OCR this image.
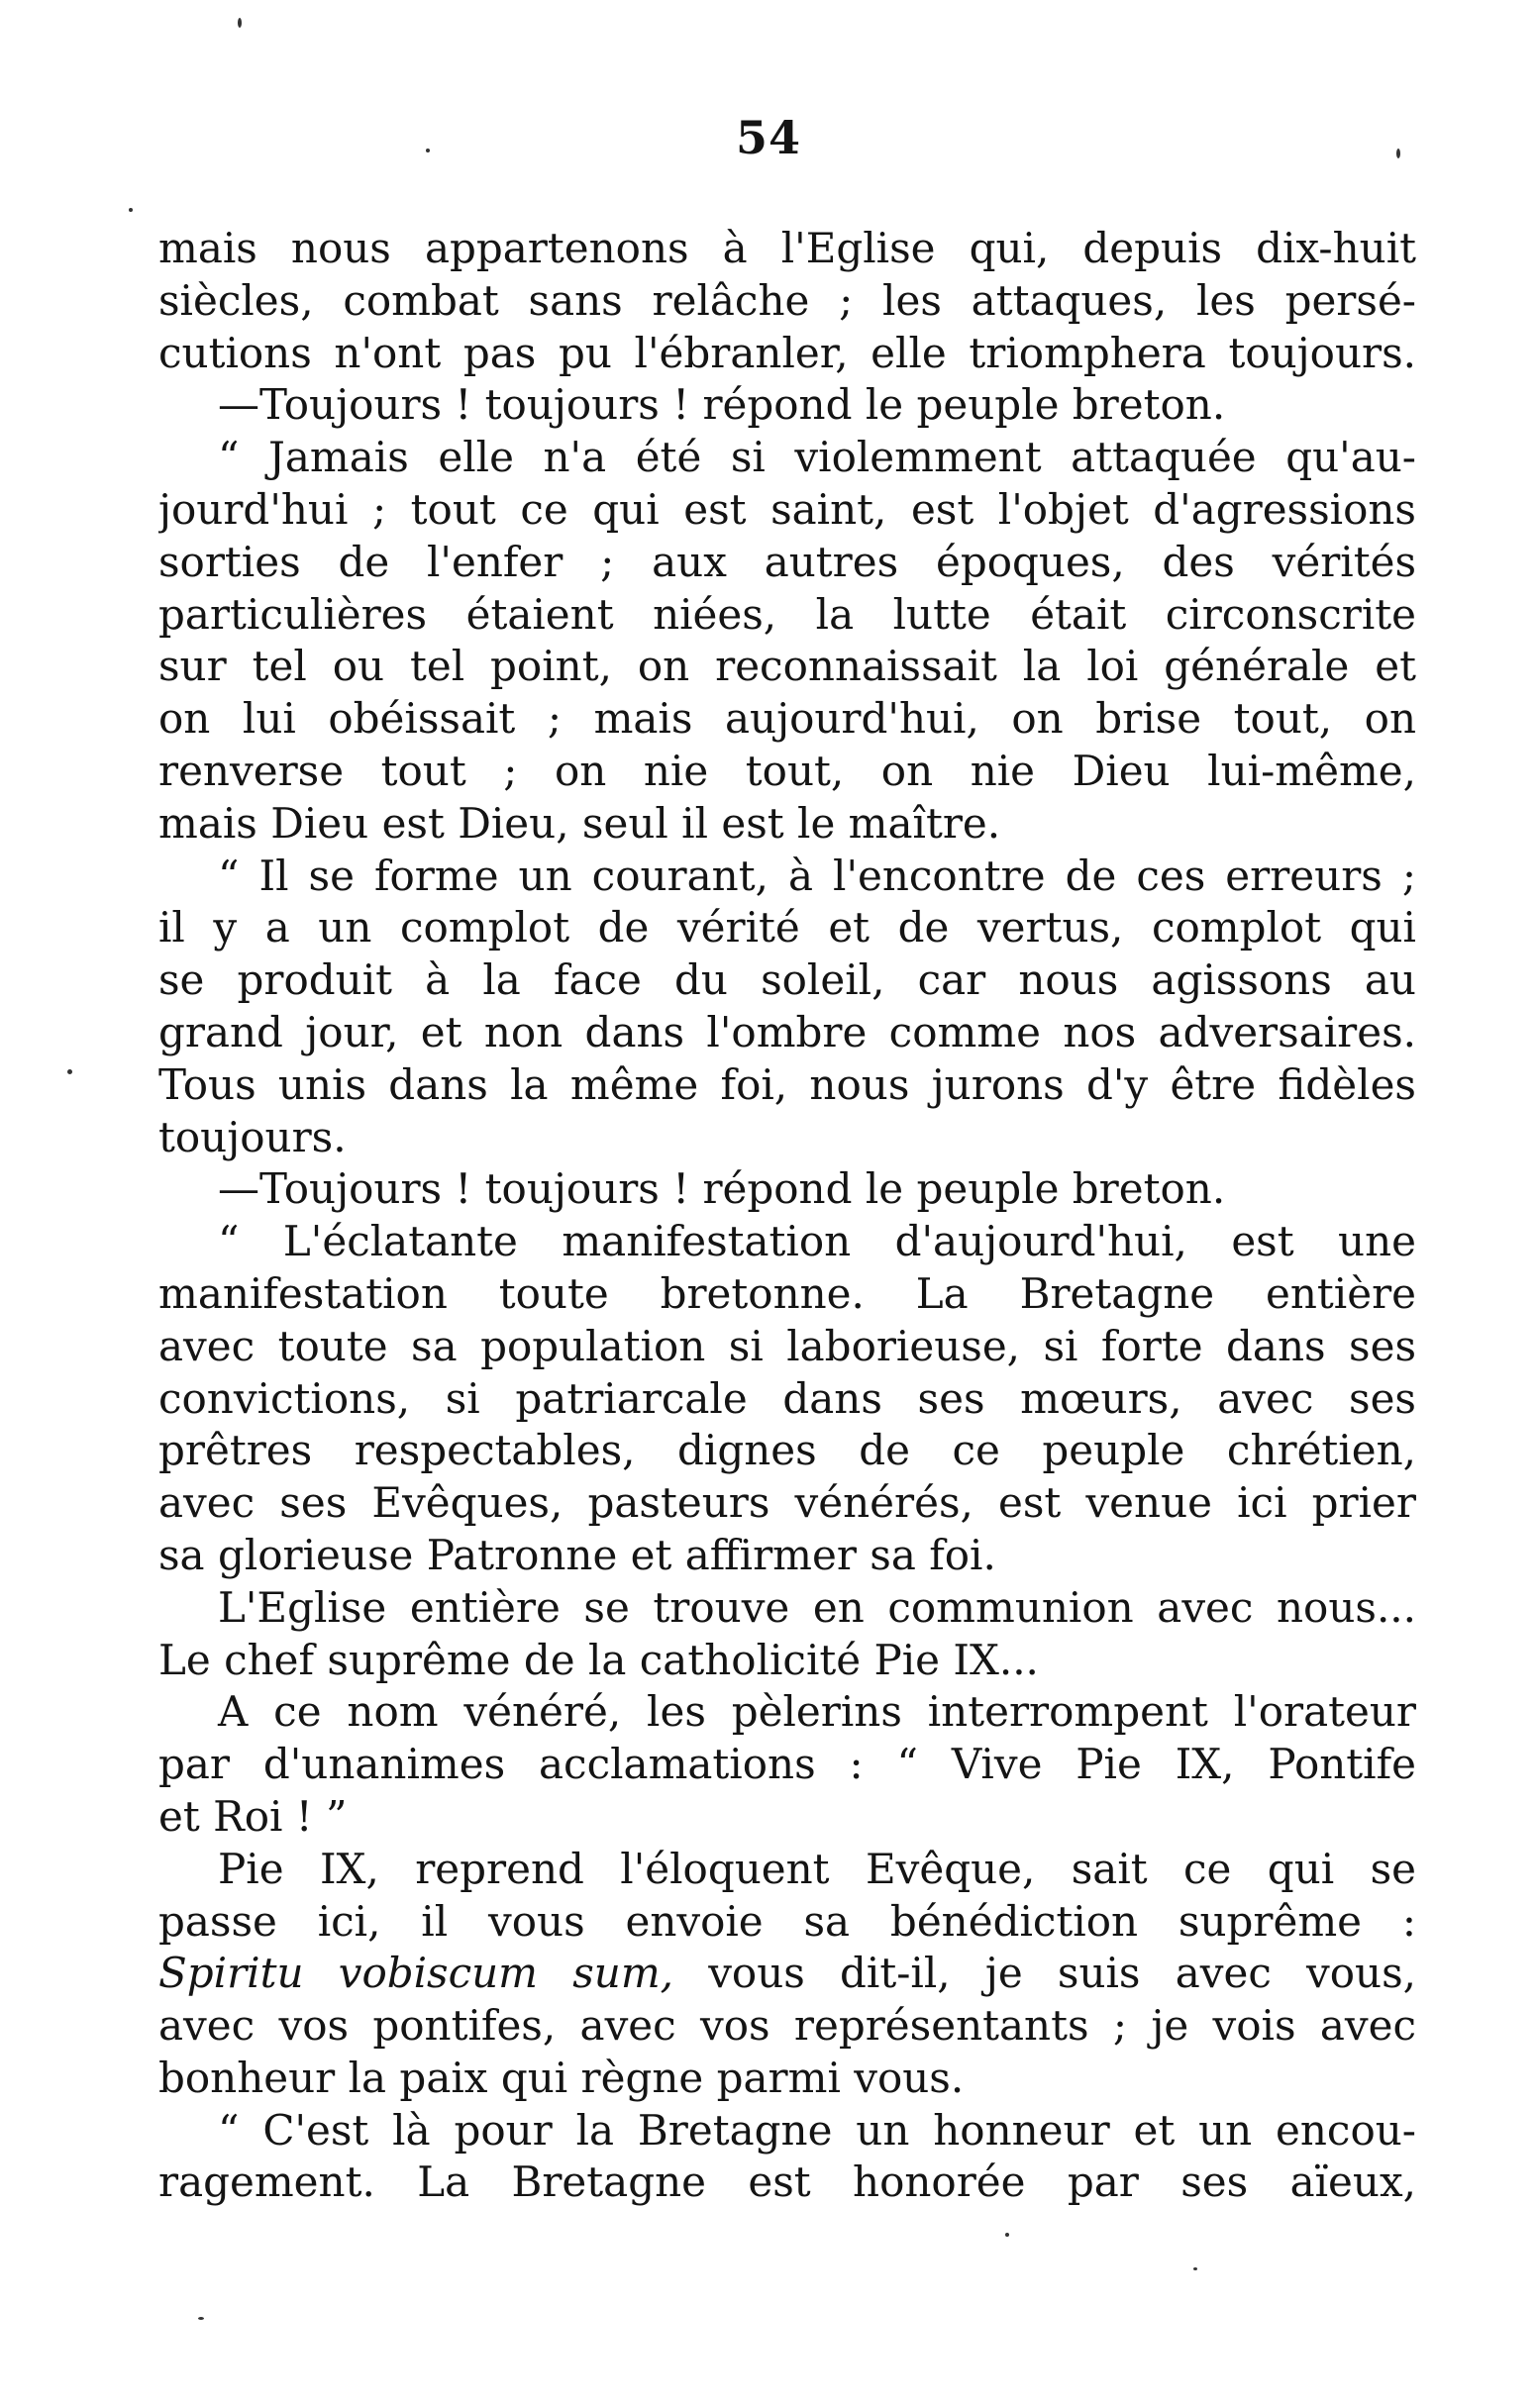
54
mais nous appartenons à l'Eglise qui, depuis dix-huit
siècles, combat sans relâche ; les attaques, les persé-
cutions n'ont pas pu l'ébranler, elle triomphera toujours.
—Toujours ! toujours ! répond le peuple breton.
“ Jamais elle n'a été si violemment attaquée qu'au-
jourd'hui ; tout ce qui est saint, est l'objet d'agressions
sorties de l'enfer ; aux autres époques, des vérités
particulières étaient niées, la lutte était circonscrite
sur tel ou tel point, on reconnaissait la loi générale et
on lui obéissait ; mais aujourd'hui, on brise tout, on
renverse tout ; on nie tout, on nie Dieu lui-même,
mais Dieu est Dieu, seul il est le maître.
“ Il se forme un courant, à l'encontre de ces erreurs ;
il y a un complot de vérité et de vertus, complot qui
se produit à la face du soleil, car nous agissons au
grand jour, et non dans l'ombre comme nos adversaires.
Tous unis dans la même foi, nous jurons d'y être fidèles
toujours.
—Toujours ! toujours ! répond le peuple breton.
“ L'éclatante manifestation d'aujourd'hui, est une
manifestation toute bretonne. La Bretagne entière
avec toute sa population si laborieuse, si forte dans ses
convictions, si patriarcale dans ses mœurs, avec ses
prêtres respectables, dignes de ce peuple chrétien,
avec ses Evêques, pasteurs vénérés, est venue ici prier
sa glorieuse Patronne et affirmer sa foi.
L'Eglise entière se trouve en communion avec nous...
Le chef suprême de la catholicité Pie IX...
A ce nom vénéré, les pèlerins interrompent l'orateur
par d'unanimes acclamations : “ Vive Pie IX, Pontife
et Roi ! ”
Pie IX, reprend l'éloquent Evêque, sait ce qui se
passe ici, il vous envoie sa bénédiction suprême :
Spiritu vobiscum sum, vous dit-il, je suis avec vous,
avec vos pontifes, avec vos représentants ; je vois avec
bonheur la paix qui règne parmi vous.
“ C'est là pour la Bretagne un honneur et un encou-
ragement. La Bretagne est honorée par ses aïeux,
